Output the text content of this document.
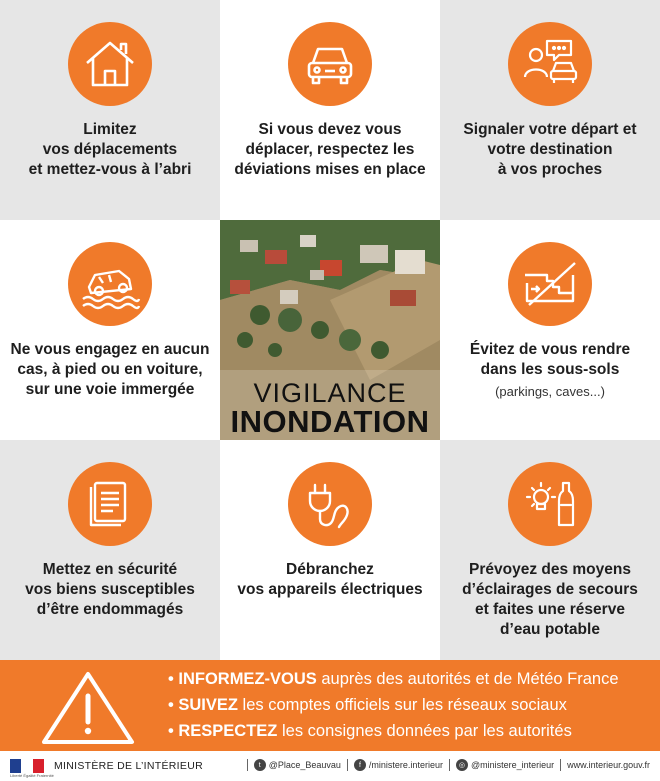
Limitez
vos déplacements
et mettez-vous à l’abri
Si vous devez vous
déplacer, respectez les
déviations mises en place
Signaler votre départ et
votre destination
à vos proches
Ne vous engagez en aucun
cas, à pied ou en voiture,
sur une voie immergée	VIGILANCE
INONDATION
Évitez de vous rendre
dans les sous-sols
(parkings, caves...)
Mettez en sécurité
vos biens susceptibles
d’être endommagés
Débranchez
vos appareils électriques
Prévoyez des moyens
d’éclairages de secours
et faites une réserve
d’eau potable
• INFORMEZ-VOUS auprès des autorités et de Météo France
• SUIVEZ les comptes officiels sur les réseaux sociaux
• RESPECTEZ les consignes données par les autorités
Liberté Égalité Fraternité
MINISTÈRE DE L’INTÉRIEUR	t @Place_Beauvau	f /ministere.interieur	◎ @ministere_interieur www.interieur.gouv.fr
